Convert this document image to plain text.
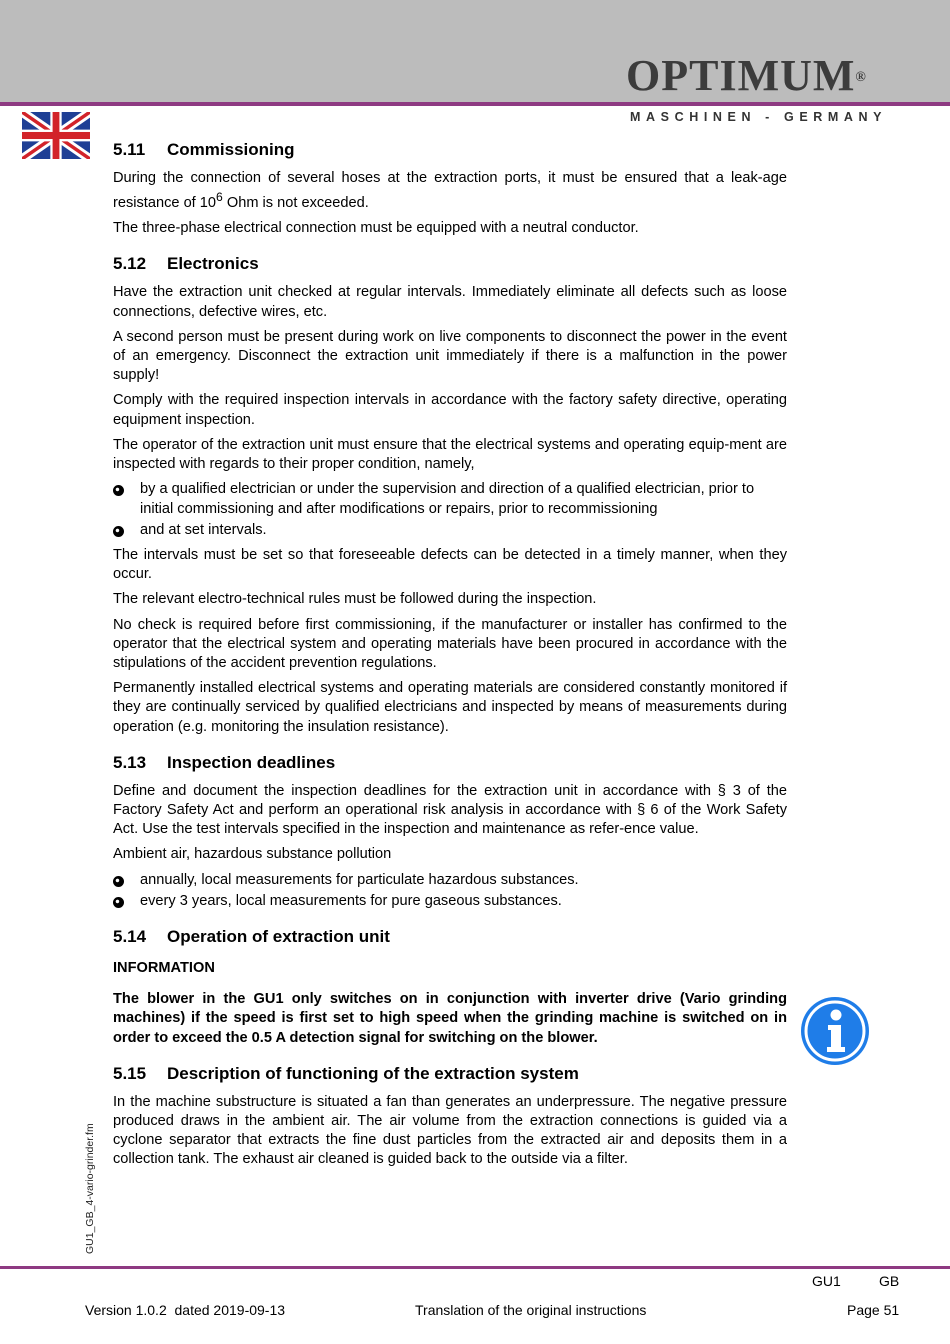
OPTIMUM®
MASCHINEN - GERMANY
5.11 Commissioning

During the connection of several hoses at the extraction ports, it must be ensured that a leak-age resistance of $10^6$ Ohm is not exceeded.

The three-phase electrical connection must be equipped with a neutral conductor.

5.12 Electronics

Have the extraction unit checked at regular intervals. Immediately eliminate all defects such as loose connections, defective wires, etc.

A second person must be present during work on live components to disconnect the power in the event of an emergency. Disconnect the extraction unit immediately if there is a malfunction in the power supply!

Comply with the required inspection intervals in accordance with the factory safety directive, operating equipment inspection.

The operator of the extraction unit must ensure that the electrical systems and operating equip-ment are inspected with regards to their proper condition, namely,

by a qualified electrician or under the supervision and direction of a qualified electrician, prior to initial commissioning and after modifications or repairs, prior to recommissioning
and at set intervals.

The intervals must be set so that foreseeable defects can be detected in a timely manner, when they occur.

The relevant electro-technical rules must be followed during the inspection.

No check is required before first commissioning, if the manufacturer or installer has confirmed to the operator that the electrical system and operating materials have been procured in accordance with the stipulations of the accident prevention regulations.

Permanently installed electrical systems and operating materials are considered constantly monitored if they are continually serviced by qualified electricians and inspected by means of measurements during operation (e.g. monitoring the insulation resistance).

5.13 Inspection deadlines

Define and document the inspection deadlines for the extraction unit in accordance with § 3 of the Factory Safety Act and perform an operational risk analysis in accordance with § 6 of the Work Safety Act. Use the test intervals specified in the inspection and maintenance as refer-ence value.

Ambient air, hazardous substance pollution

annually, local measurements for particulate hazardous substances.
every 3 years, local measurements for pure gaseous substances.
5.14 Operation of extraction unit

INFORMATION

The blower in the GU1 only switches on in conjunction with inverter drive (Vario grinding machines) if the speed is first set to high speed when the grinding machine is switched on in order to exceed the 0.5 A detection signal for switching on the blower.

5.15 Description of functioning of the extraction system

In the machine substructure is situated a fan than generates an underpressure. The negative pressure produced draws in the ambient air. The air volume from the extraction connections is guided via a cyclone separator that extracts the fine dust particles from the extracted air and deposits them in a collection tank. The exhaust air cleaned is guided back to the outside via a filter.

GU1_GB_4-vario-grinder.fm
GU1	GB
Version 1.0.2  dated 2019-09-13	Translation of the original instructions	Page 51
